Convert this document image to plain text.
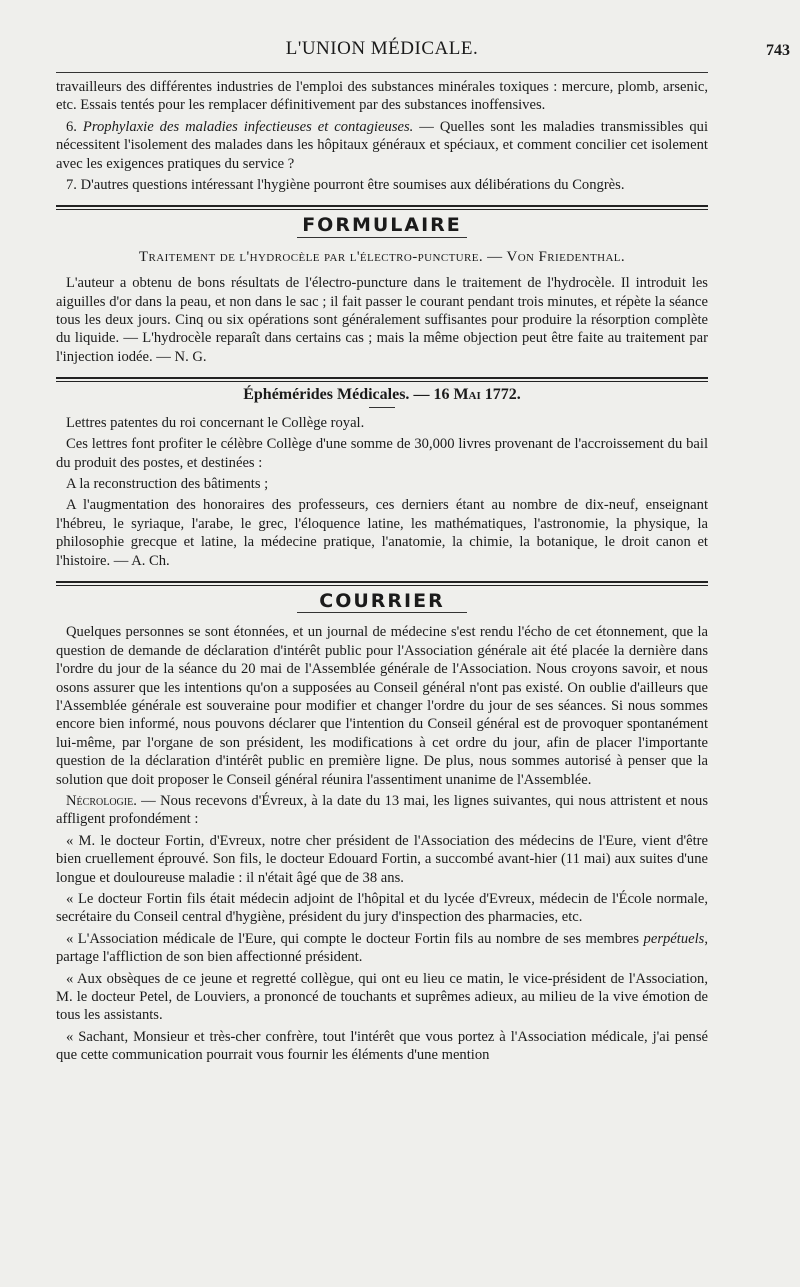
L'UNION MÉDICALE.	743

travailleurs des différentes industries de l'emploi des substances minérales toxiques : mercure, plomb, arsenic, etc. Essais tentés pour les remplacer définitivement par des substances inoffensives.

6. Prophylaxie des maladies infectieuses et contagieuses. — Quelles sont les maladies transmissibles qui nécessitent l'isolement des malades dans les hôpitaux généraux et spéciaux, et comment concilier cet isolement avec les exigences pratiques du service ?

7. D'autres questions intéressant l'hygiène pourront être soumises aux délibérations du Congrès.

FORMULAIRE
Traitement de l'hydrocèle par l'électro-puncture. — Von Friedenthal.

L'auteur a obtenu de bons résultats de l'électro-puncture dans le traitement de l'hydrocèle. Il introduit les aiguilles d'or dans la peau, et non dans le sac ; il fait passer le courant pendant trois minutes, et répète la séance tous les deux jours. Cinq ou six opérations sont généralement suffisantes pour produire la résorption complète du liquide. — L'hydrocèle reparaît dans certains cas ; mais la même objection peut être faite au traitement par l'injection iodée. — N. G.

Éphémérides Médicales. — 16 Mai 1772.

Lettres patentes du roi concernant le Collège royal.

Ces lettres font profiter le célèbre Collège d'une somme de 30,000 livres provenant de l'accroissement du bail du produit des postes, et destinées :

A la reconstruction des bâtiments ;

A l'augmentation des honoraires des professeurs, ces derniers étant au nombre de dix-neuf, enseignant l'hébreu, le syriaque, l'arabe, le grec, l'éloquence latine, les mathématiques, l'astronomie, la physique, la philosophie grecque et latine, la médecine pratique, l'anatomie, la chimie, la botanique, le droit canon et l'histoire. — A. Ch.

COURRIER

Quelques personnes se sont étonnées, et un journal de médecine s'est rendu l'écho de cet étonnement, que la question de demande de déclaration d'intérêt public pour l'Association générale ait été placée la dernière dans l'ordre du jour de la séance du 20 mai de l'Assemblée générale de l'Association. Nous croyons savoir, et nous osons assurer que les intentions qu'on a supposées au Conseil général n'ont pas existé. On oublie d'ailleurs que l'Assemblée générale est souveraine pour modifier et changer l'ordre du jour de ses séances. Si nous sommes encore bien informé, nous pouvons déclarer que l'intention du Conseil général est de provoquer spontanément lui-même, par l'organe de son président, les modifications à cet ordre du jour, afin de placer l'importante question de la déclaration d'intérêt public en première ligne. De plus, nous sommes autorisé à penser que la solution que doit proposer le Conseil général réunira l'assentiment unanime de l'Assemblée.

Nécrologie. — Nous recevons d'Évreux, à la date du 13 mai, les lignes suivantes, qui nous attristent et nous affligent profondément :

« M. le docteur Fortin, d'Evreux, notre cher président de l'Association des médecins de l'Eure, vient d'être bien cruellement éprouvé. Son fils, le docteur Edouard Fortin, a succombé avant-hier (11 mai) aux suites d'une longue et douloureuse maladie : il n'était âgé que de 38 ans.

« Le docteur Fortin fils était médecin adjoint de l'hôpital et du lycée d'Evreux, médecin de l'École normale, secrétaire du Conseil central d'hygiène, président du jury d'inspection des pharmacies, etc.

« L'Association médicale de l'Eure, qui compte le docteur Fortin fils au nombre de ses membres perpétuels, partage l'affliction de son bien affectionné président.

« Aux obsèques de ce jeune et regretté collègue, qui ont eu lieu ce matin, le vice-président de l'Association, M. le docteur Petel, de Louviers, a prononcé de touchants et suprêmes adieux, au milieu de la vive émotion de tous les assistants.

« Sachant, Monsieur et très-cher confrère, tout l'intérêt que vous portez à l'Association médicale, j'ai pensé que cette communication pourrait vous fournir les éléments d'une mention
